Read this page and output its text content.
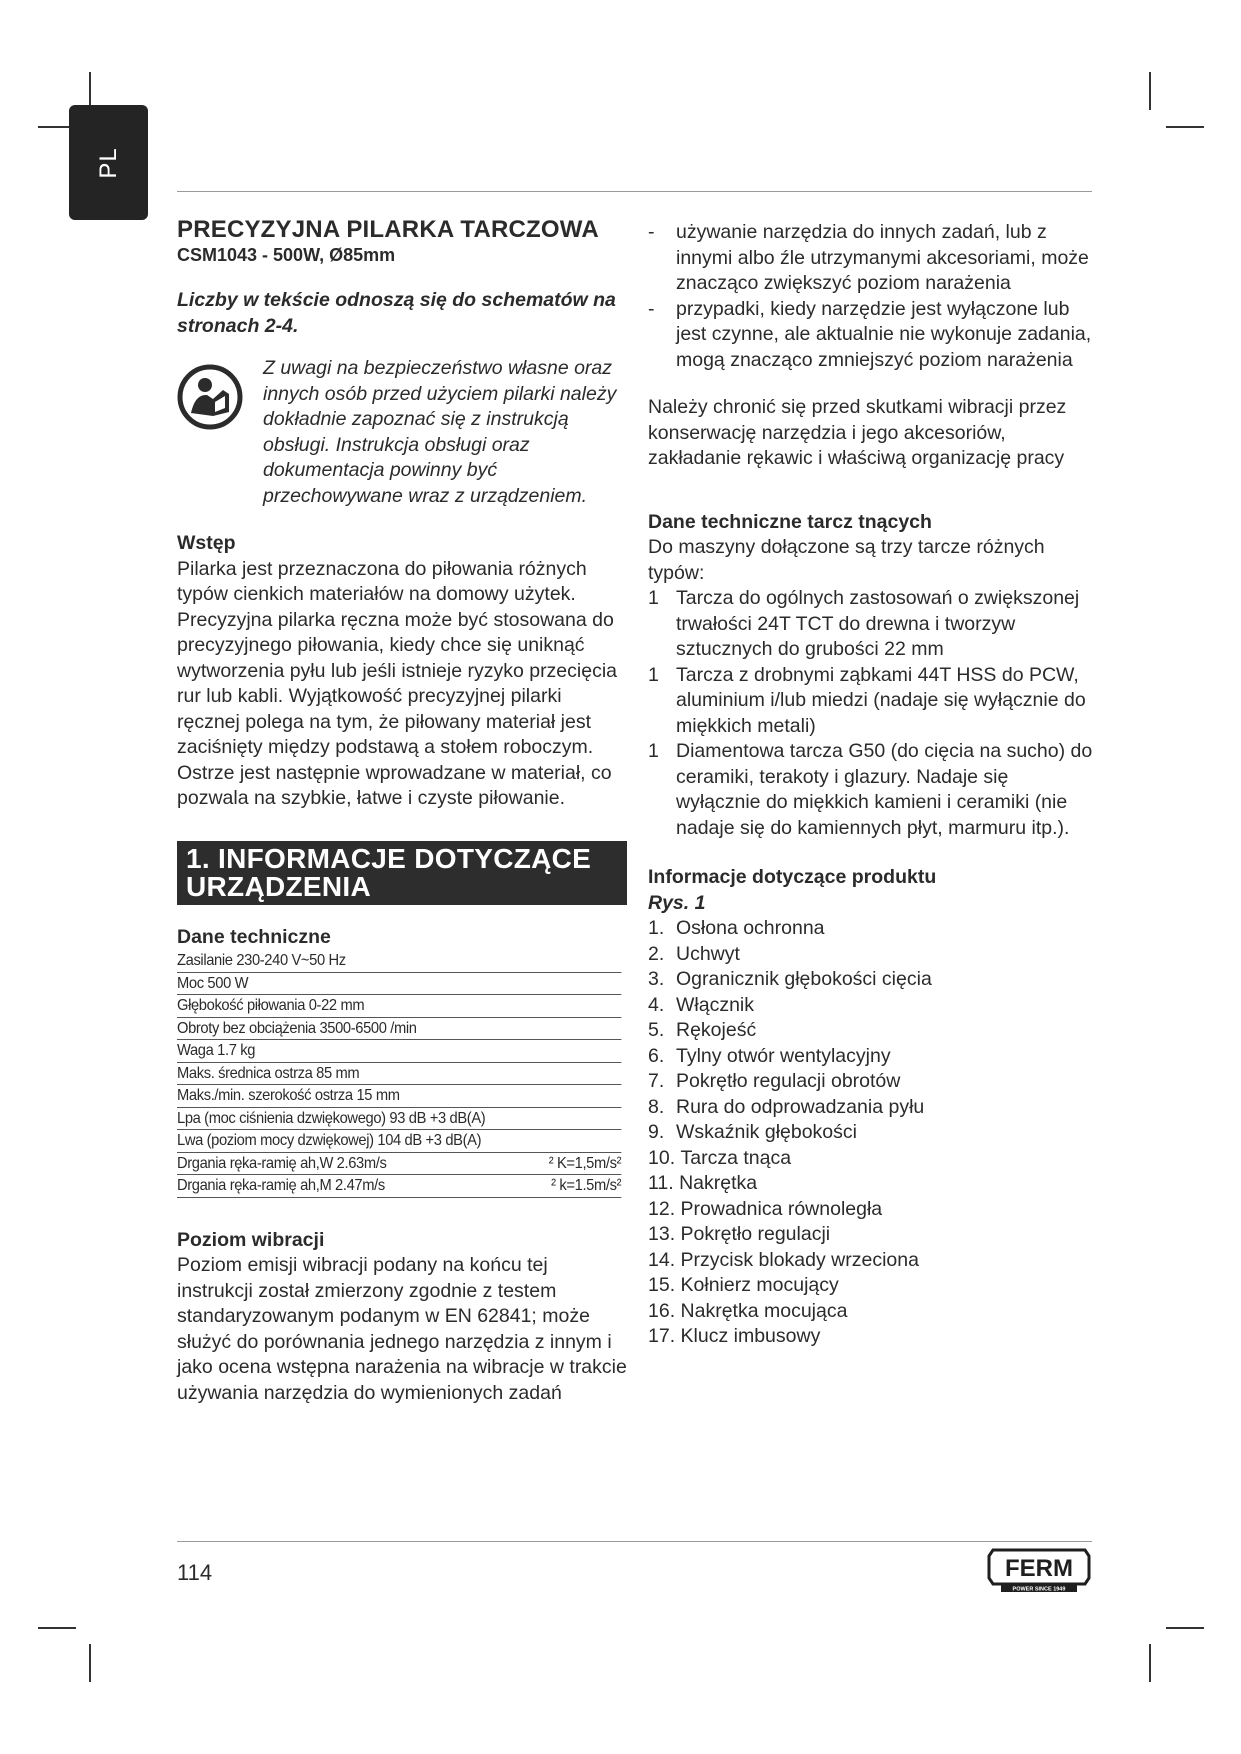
PL
PRECYZYJNA PILARKA TARCZOWA
CSM1043 - 500W, Ø85mm
Liczby w tekście odnoszą się do schematów na stronach 2-4.
Z uwagi na bezpieczeństwo własne oraz innych osób przed użyciem pilarki należy dokładnie zapoznać się z instrukcją obsługi. Instrukcja obsługi oraz dokumentacja powinny być przechowywane wraz z urządzeniem.
Wstęp
Pilarka jest przeznaczona do piłowania różnych typów cienkich materiałów na domowy użytek. Precyzyjna pilarka ręczna może być stosowana do precyzyjnego piłowania, kiedy chce się uniknąć wytworzenia pyłu lub jeśli istnieje ryzyko przecięcia rur lub kabli. Wyjątkowość precyzyjnej pilarki ręcznej polega na tym, że piłowany materiał jest zaciśnięty między podstawą a stołem roboczym. Ostrze jest następnie wprowadzane w materiał, co pozwala na szybkie, łatwe i czyste piłowanie.
1. INFORMACJE DOTYCZĄCE
URZĄDZENIA
Dane techniczne
Zasilanie 230-240 V~50 Hz
Moc 500 W
Głębokość piłowania 0-22 mm
Obroty bez obciążenia 3500-6500 /min
Waga 1.7 kg
Maks. średnica ostrza 85 mm
Maks./min. szerokość ostrza 15 mm
Lpa (moc ciśnienia dzwiękowego) 93 dB +3 dB(A)
Lwa (poziom mocy dzwiękowej) 104 dB +3 dB(A)
Drgania ręka-ramię ah,W 2.63m/s	² K=1,5m/s²
Drgania ręka-ramię ah,M 2.47m/s	² k=1.5m/s²
Poziom wibracji
Poziom emisji wibracji podany na końcu tej instrukcji został zmierzony zgodnie z testem standaryzowanym podanym w EN 62841; może służyć do porównania jednego narzędzia z innym i jako ocena wstępna narażenia na wibracje w trakcie używania narzędzia do wymienionych zadań
-	używanie narzędzia do innych zadań, lub z innymi albo źle utrzymanymi akcesoriami, może znacząco zwiększyć poziom narażenia
-	przypadki, kiedy narzędzie jest wyłączone lub jest czynne, ale aktualnie nie wykonuje zadania, mogą znacząco zmniejszyć poziom narażenia
Należy chronić się przed skutkami wibracji przez konserwację narzędzia i jego akcesoriów, zakładanie rękawic i właściwą organizację pracy
Dane techniczne tarcz tnących
Do maszyny dołączone są trzy tarcze różnych typów:
1 Tarcza do ogólnych zastosowań o zwiększonej trwałości 24T TCT do drewna i tworzyw sztucznych do grubości 22 mm
1 Tarcza z drobnymi ząbkami 44T HSS do PCW, aluminium i/lub miedzi (nadaje się wyłącznie do miękkich metali)
1 Diamentowa tarcza G50 (do cięcia na sucho) do ceramiki, terakoty i glazury. Nadaje się wyłącznie do miękkich kamieni i ceramiki (nie nadaje się do kamiennych płyt, marmuru itp.).
Informacje dotyczące produktu
Rys. 1
1. Osłona ochronna
2. Uchwyt
3. Ogranicznik głębokości cięcia
4. Włącznik
5. Rękojeść
6. Tylny otwór wentylacyjny
7. Pokrętło regulacji obrotów
8. Rura do odprowadzania pyłu
9. Wskaźnik głębokości
10.
Tarcza tnąca
11.
Nakrętka
12.
Prowadnica równoległa
13.
Pokrętło regulacji
14.
Przycisk blokady wrzeciona
15.
Kołnierz mocujący
16.
Nakrętka mocująca
17.
Klucz imbusowy
114	FERM
POWER SINCE 1949
